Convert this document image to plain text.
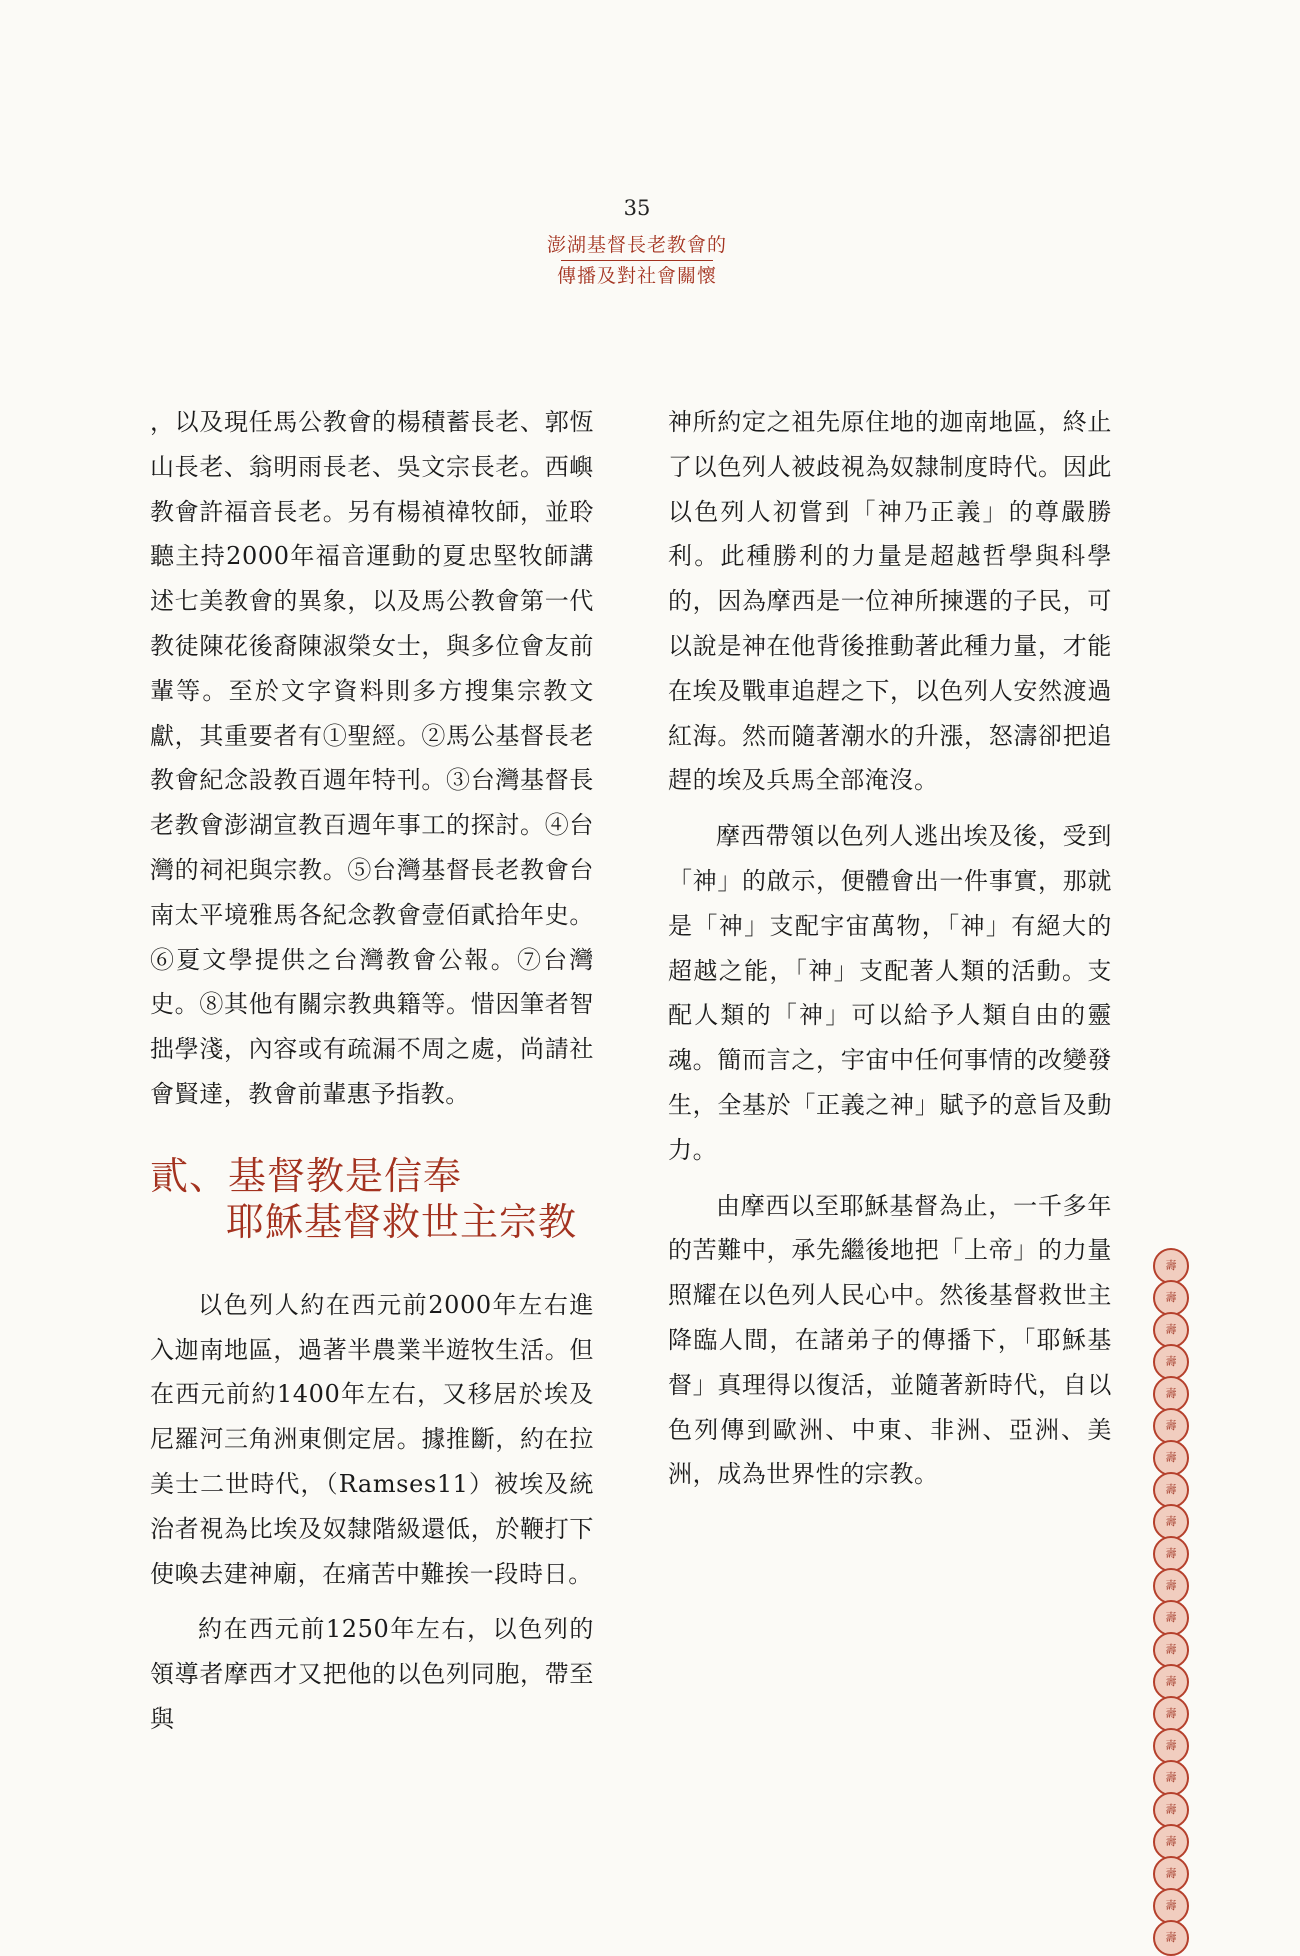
35
澎湖基督長老教會的
傳播及對社會關懷

，以及現任馬公教會的楊積蓄長老、郭恆山長老、翁明雨長老、吳文宗長老。西嶼教會許福音長老。另有楊禎禕牧師，並聆聽主持2000年福音運動的夏忠堅牧師講述七美教會的異象，以及馬公教會第一代教徒陳花後裔陳淑榮女士，與多位會友前輩等。至於文字資料則多方搜集宗教文獻，其重要者有①聖經。②馬公基督長老教會紀念設教百週年特刊。③台灣基督長老教會澎湖宣教百週年事工的探討。④台灣的祠祀與宗教。⑤台灣基督長老教會台南太平境雅馬各紀念教會壹佰貳拾年史。⑥夏文學提供之台灣教會公報。⑦台灣史。⑧其他有關宗教典籍等。惜因筆者智拙學淺，內容或有疏漏不周之處，尚請社會賢達，教會前輩惠予指教。

貳、基督教是信奉
耶穌基督救世主宗教

以色列人約在西元前2000年左右進入迦南地區，過著半農業半遊牧生活。但在西元前約1400年左右，又移居於埃及尼羅河三角洲東側定居。據推斷，約在拉美士二世時代，（Ramses11）被埃及統治者視為比埃及奴隸階級還低，於鞭打下使喚去建神廟，在痛苦中難挨一段時日。

約在西元前1250年左右，以色列的領導者摩西才又把他的以色列同胞，帶至與

神所約定之祖先原住地的迦南地區，終止了以色列人被歧視為奴隸制度時代。因此以色列人初嘗到「神乃正義」的尊嚴勝利。此種勝利的力量是超越哲學與科學的，因為摩西是一位神所揀選的子民，可以說是神在他背後推動著此種力量，才能在埃及戰車追趕之下，以色列人安然渡過紅海。然而隨著潮水的升漲，怒濤卻把追趕的埃及兵馬全部淹沒。

摩西帶領以色列人逃出埃及後，受到「神」的啟示，便體會出一件事實，那就是「神」支配宇宙萬物，「神」有絕大的超越之能，「神」支配著人類的活動。支配人類的「神」可以給予人類自由的靈魂。簡而言之，宇宙中任何事情的改變發生，全基於「正義之神」賦予的意旨及動力。

由摩西以至耶穌基督為止，一千多年的苦難中，承先繼後地把「上帝」的力量照耀在以色列人民心中。然後基督救世主降臨人間，在諸弟子的傳播下，「耶穌基督」真理得以復活，並隨著新時代，自以色列傳到歐洲、中東、非洲、亞洲、美洲，成為世界性的宗教。

壽
壽
壽
壽
壽
壽
壽
壽
壽
壽
壽
壽
壽
壽
壽
壽
壽
壽
壽
壽
壽
壽
